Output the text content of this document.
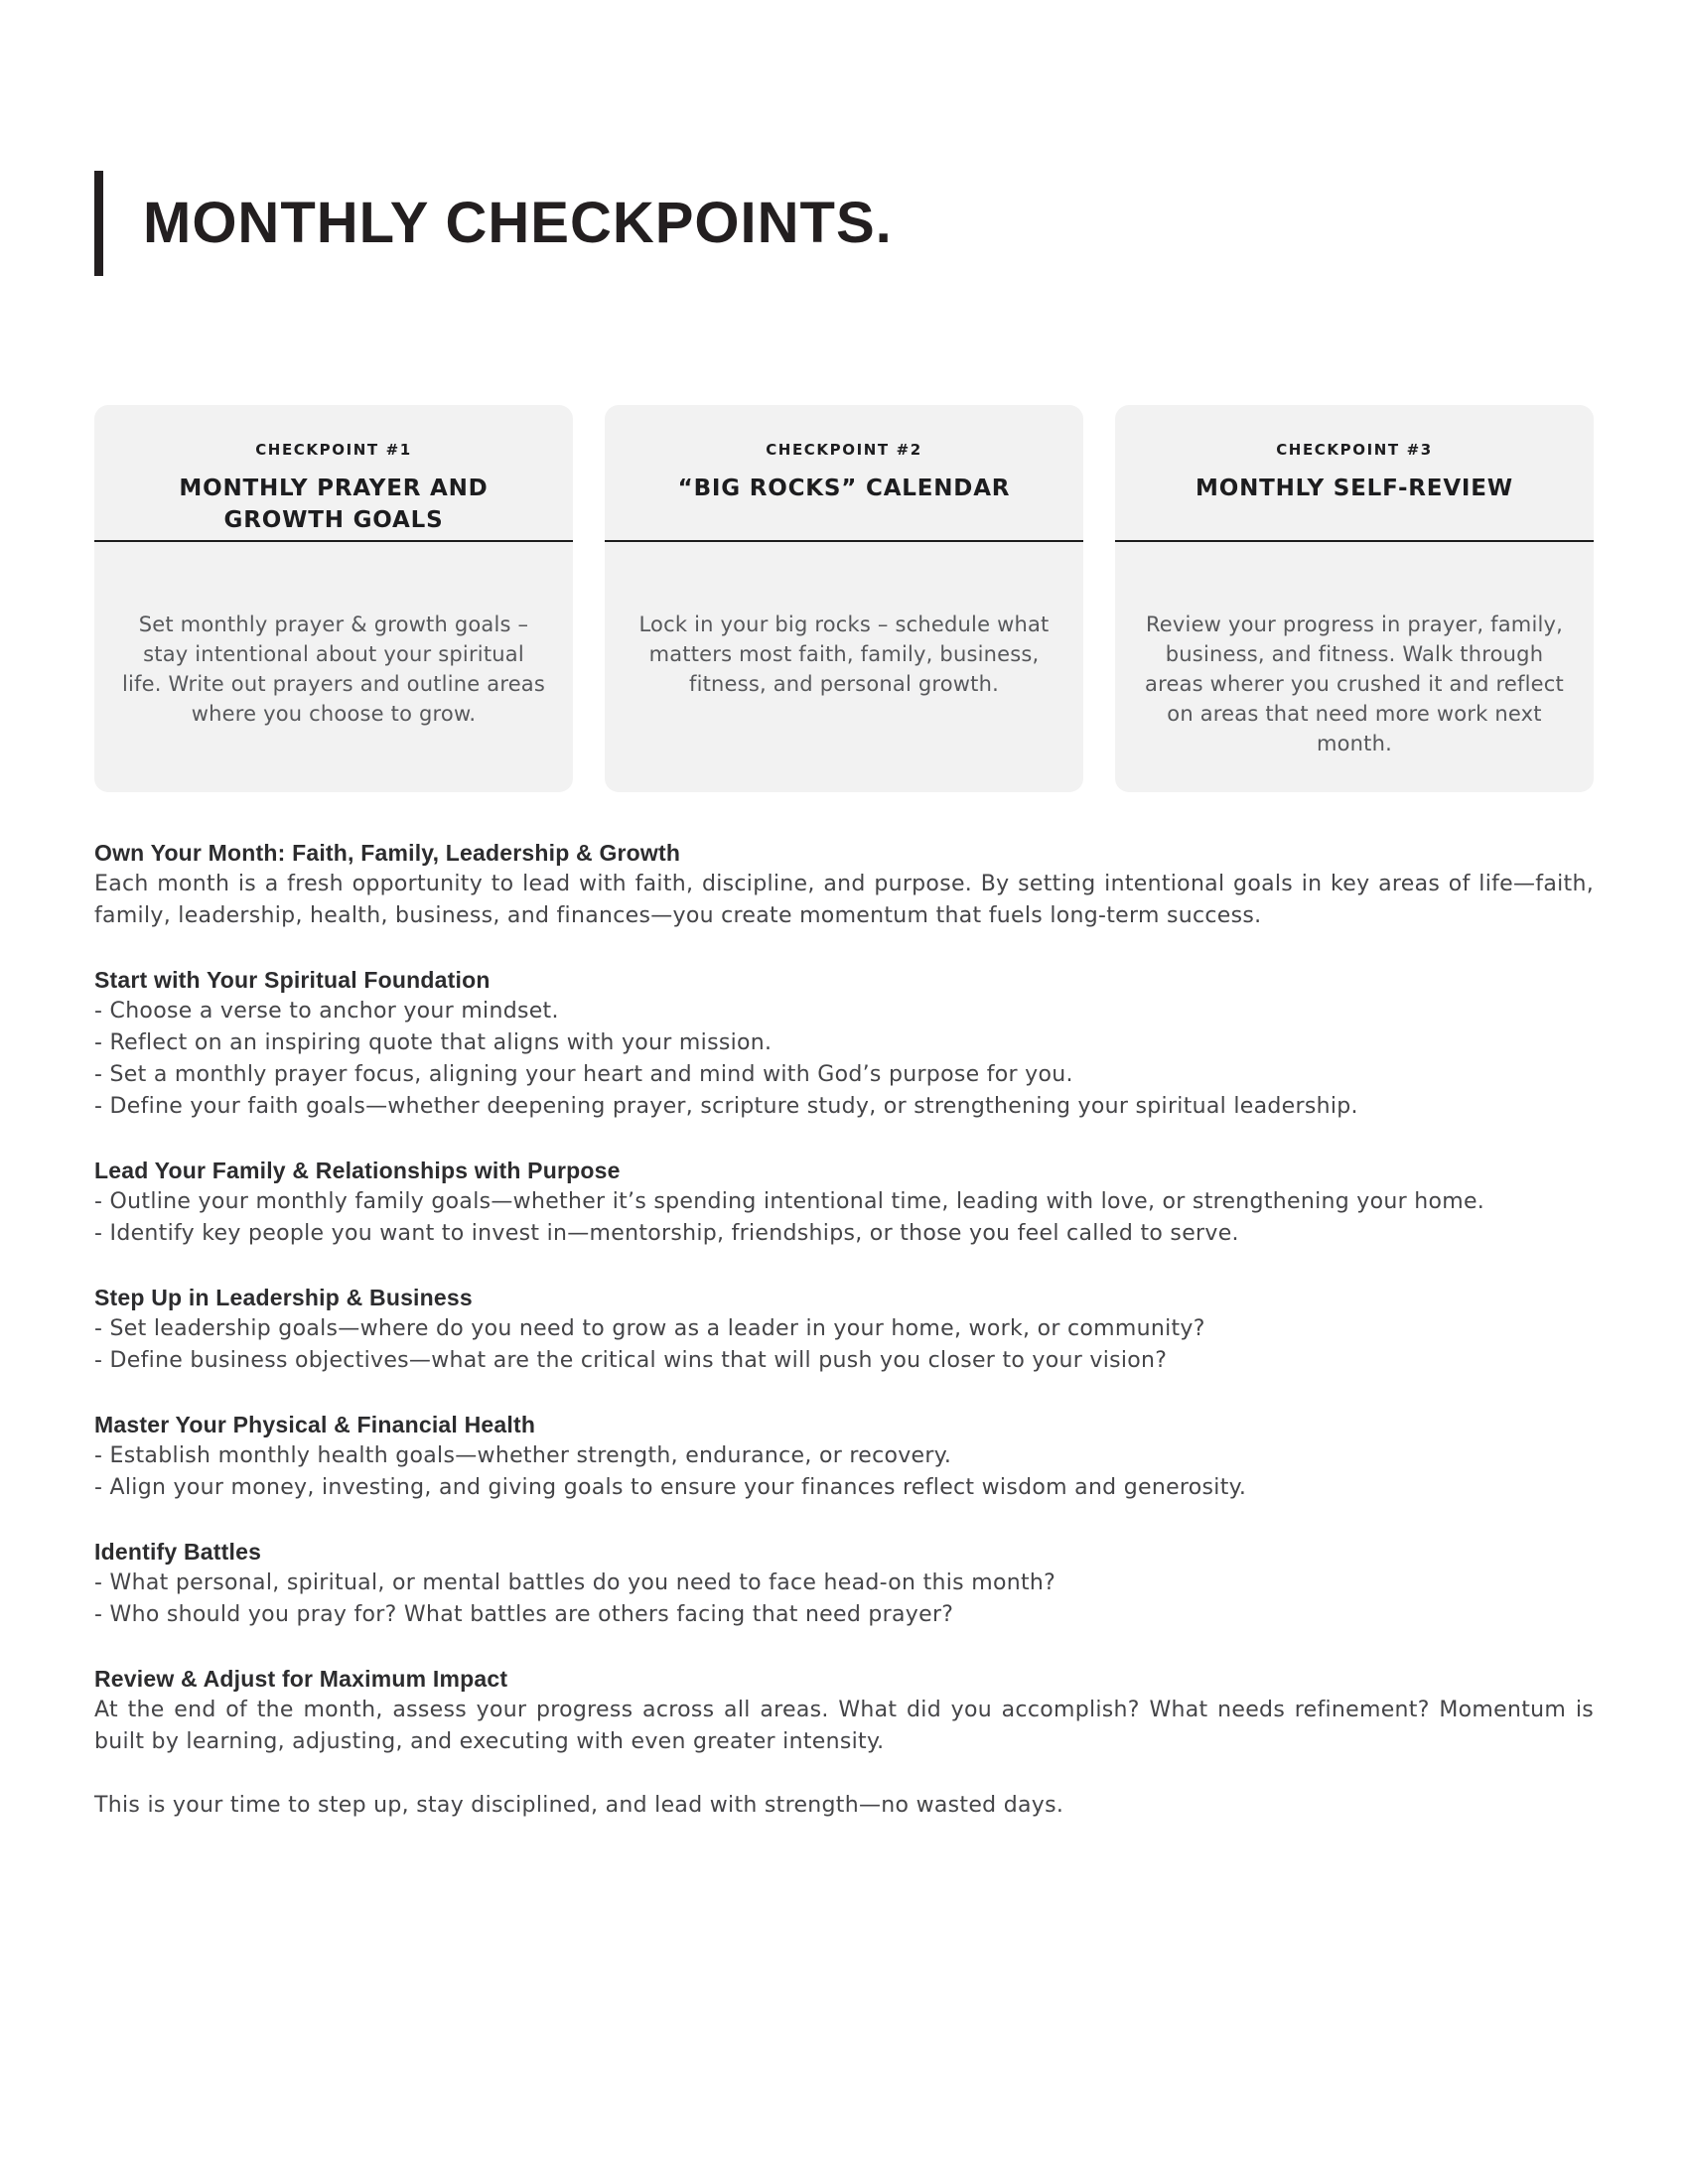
MONTHLY CHECKPOINTS.
CHECKPOINT #1
MONTHLY PRAYER AND GROWTH GOALS

Set monthly prayer & growth goals – stay intentional about your spiritual life. Write out prayers and outline areas where you choose to grow.

CHECKPOINT #2
“BIG ROCKS” CALENDAR

Lock in your big rocks – schedule what matters most faith, family, business, fitness, and personal growth.

CHECKPOINT #3
MONTHLY SELF-REVIEW

Review your progress in prayer, family, business, and fitness. Walk through areas wherer you crushed it and reflect on areas that need more work next month.

Own Your Month: Faith, Family, Leadership & Growth

Each month is a fresh opportunity to lead with faith, discipline, and purpose. By setting intentional goals in key areas of life—faith, family, leadership, health, business, and finances—you create momentum that fuels long-term success.

Start with Your Spiritual Foundation

- Choose a verse to anchor your mindset.

- Reflect on an inspiring quote that aligns with your mission.

- Set a monthly prayer focus, aligning your heart and mind with God’s purpose for you.

- Define your faith goals—whether deepening prayer, scripture study, or strengthening your spiritual leadership.

Lead Your Family & Relationships with Purpose

- Outline your monthly family goals—whether it’s spending intentional time, leading with love, or strengthening your home.

- Identify key people you want to invest in—mentorship, friendships, or those you feel called to serve.

Step Up in Leadership & Business

- Set leadership goals—where do you need to grow as a leader in your home, work, or community?

- Define business objectives—what are the critical wins that will push you closer to your vision?

Master Your Physical & Financial Health

- Establish monthly health goals—whether strength, endurance, or recovery.

- Align your money, investing, and giving goals to ensure your finances reflect wisdom and generosity.

Identify Battles

- What personal, spiritual, or mental battles do you need to face head-on this month?

- Who should you pray for? What battles are others facing that need prayer?

Review & Adjust for Maximum Impact

At the end of the month, assess your progress across all areas. What did you accomplish? What needs refinement? Momentum is built by learning, adjusting, and executing with even greater intensity.

This is your time to step up, stay disciplined, and lead with strength—no wasted days.
